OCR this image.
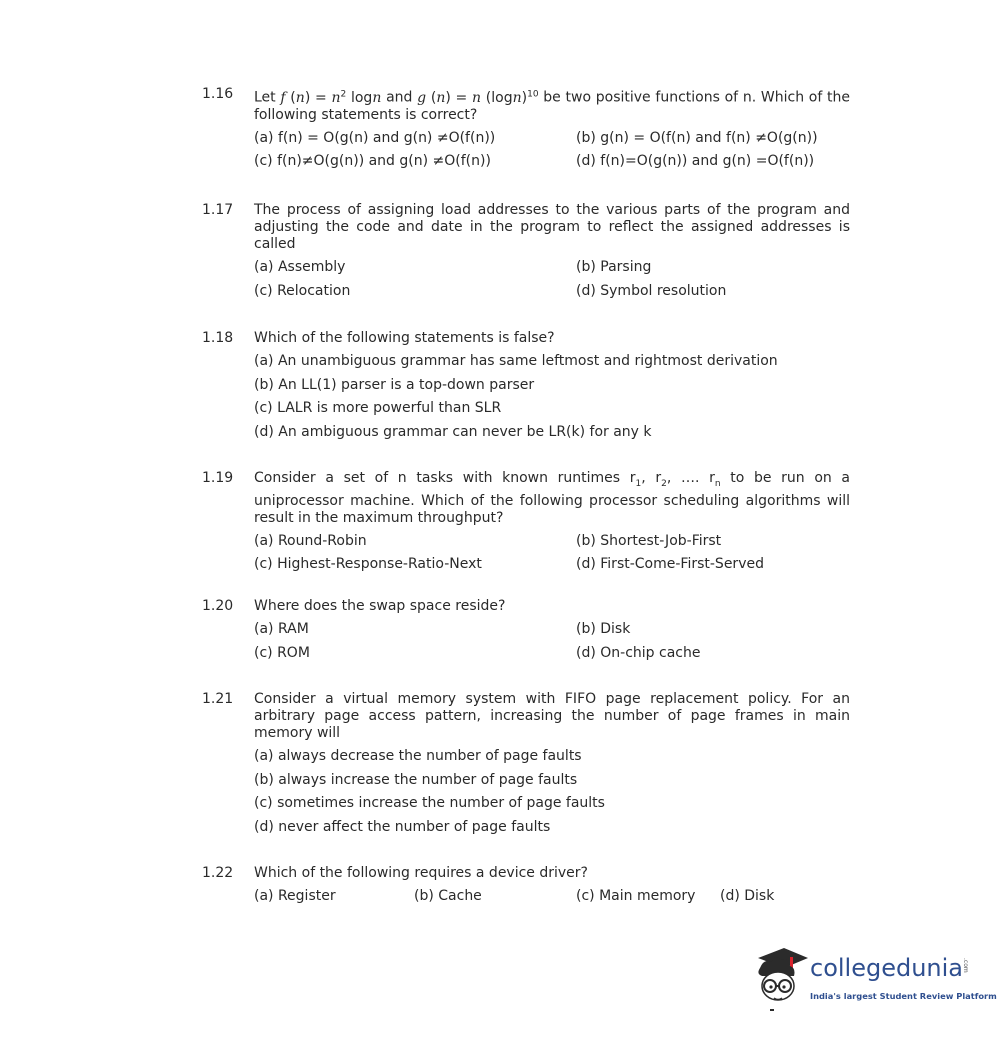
1.16	Let f $(n) = n^2$ logn and g (n) = n $(\log n)^{10}$ be two positive functions of n. Which of the following statements is correct?

(a) f(n) = O(g(n) and g(n) ≠O(f(n))	(b) g(n) = O(f(n) and f(n) ≠O(g(n))
(c) f(n)≠O(g(n)) and g(n) ≠O(f(n))	(d) f(n)=O(g(n)) and g(n) =O(f(n))
1.17	The process of assigning load addresses to the various parts of the program and adjusting the code and date in the program to reflect the assigned addresses is called

(a) Assembly	(b) Parsing
(c) Relocation	(d) Symbol resolution
1.18	Which of the following statements is false?

(a) An unambiguous grammar has same leftmost and rightmost derivation
(b) An LL(1) parser is a top-down parser
(c) LALR is more powerful than SLR
(d) An ambiguous grammar can never be LR(k) for any k
1.19	Consider a set of n tasks with known runtimes $r_1$, $r_2$, …. $r_n$ to be run on a uniprocessor machine. Which of the following processor scheduling algorithms will result in the maximum throughput?

(a) Round-Robin	(b) Shortest-Job-First
(c) Highest-Response-Ratio-Next	(d) First-Come-First-Served
1.20	Where does the swap space reside?

(a) RAM	(b) Disk
(c) ROM	(d) On-chip cache
1.21	Consider a virtual memory system with FIFO page replacement policy. For an arbitrary page access pattern, increasing the number of page frames in main memory will

(a) always decrease the number of page faults
(b) always increase the number of page faults
(c) sometimes increase the number of page faults
(d) never affect the number of page faults
1.22	Which of the following requires a device driver?

(a) Register	(b) Cache	(c) Main memory (d) Disk
collegedunia
.com
India's largest Student Review Platform
